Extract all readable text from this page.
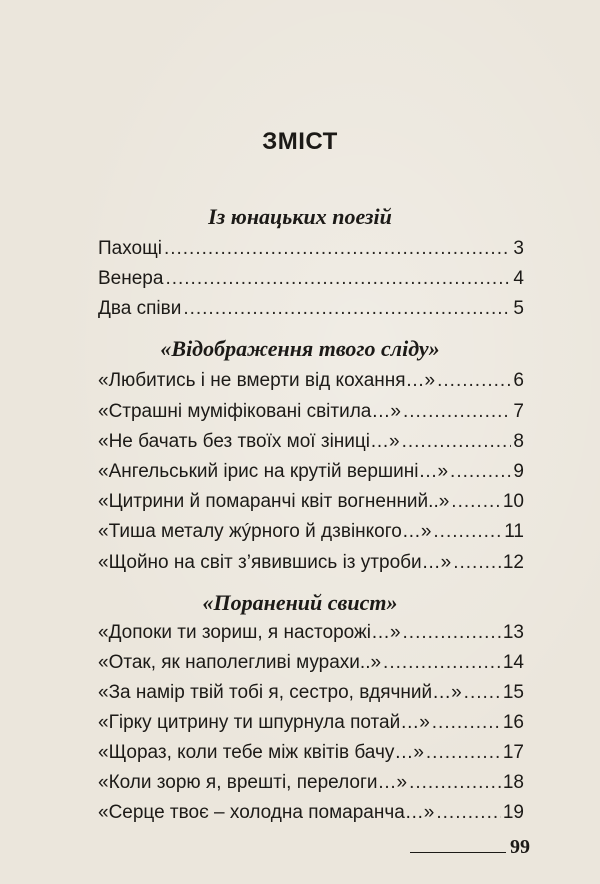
ЗМІСТ
Із юнацьких поезій
Пахощі .....	3
Венера .....	4
Два співи .....	5
«Відображення твого сліду»
«Любитись і не вмерти від кохання…» .....	6
«Страшні муміфіковані світила…» .....	7
«Не бачать без твоїх мої зіниці…» .....	8
«Ангельський ірис на крутій вершині…» .....	9
«Цитрини й помаранчі квіт вогненний..» .....	10
«Тиша металу жýрного й дзвінкого…» .....	11
«Щойно на світ з’явившись із утроби…» .....	12
«Поранений свист»
«Допоки ти зориш, я насторожі…» .....	13
«Отак, як наполегливі мурахи..» .....	14
«За намір твій тобі я, сестро, вдячний…» ..... 15
«Гірку цитрину ти шпурнула потай…» .....	16
«Щораз, коли тебе між квітів бачу…» .....	17
«Коли зорю я, врешті, перелоги…» .....	18
«Серце твоє – холодна помаранча…» .....	19
99
